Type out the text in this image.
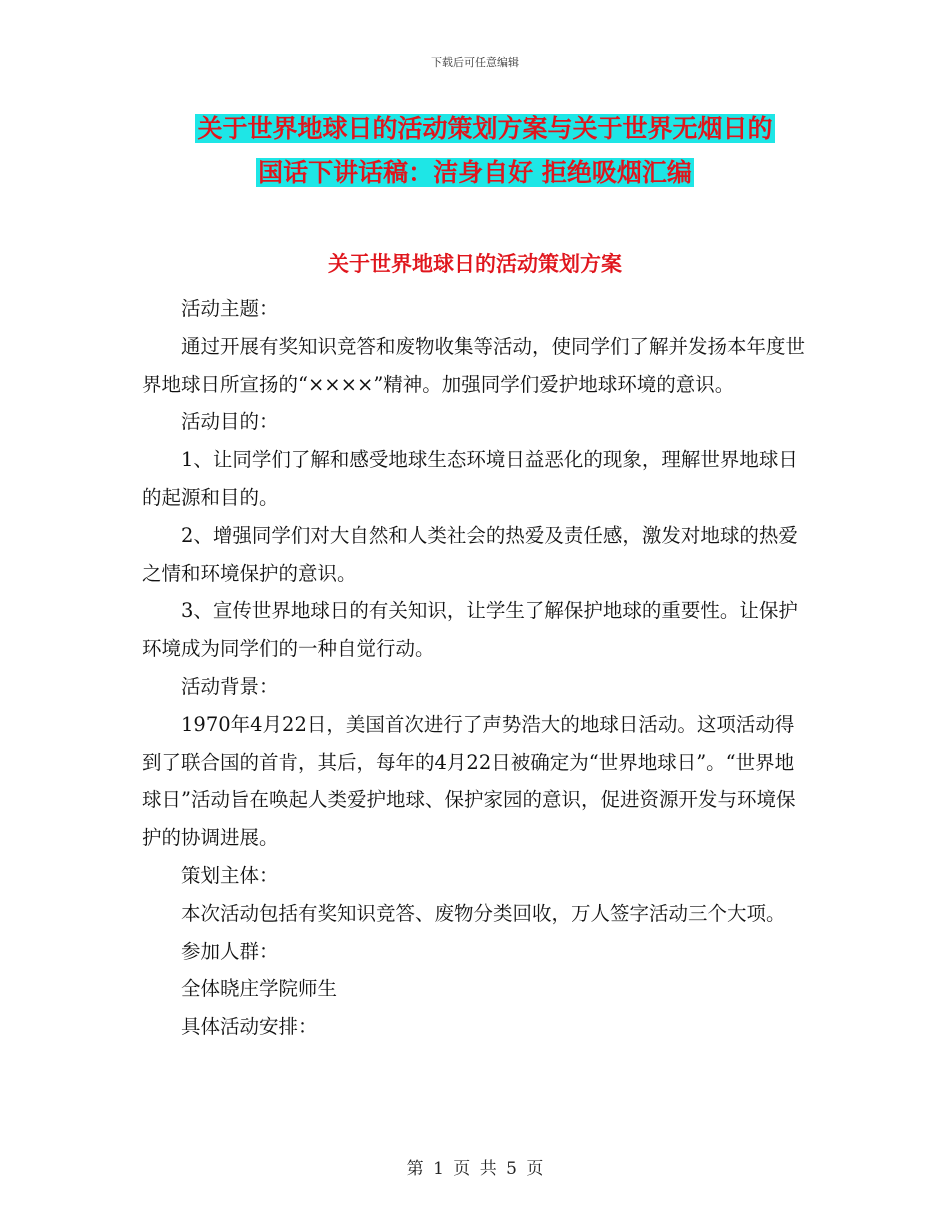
下载后可任意编辑
关于世界地球日的活动策划方案与关于世界无烟日的
国话下讲话稿：洁身自好 拒绝吸烟汇编
关于世界地球日的活动策划方案

活动主题：

通过开展有奖知识竞答和废物收集等活动，使同学们了解并发扬本年度世界地球日所宣扬的“××××”精神。加强同学们爱护地球环境的意识。

活动目的：

1、让同学们了解和感受地球生态环境日益恶化的现象，理解世界地球日的起源和目的。

2、增强同学们对大自然和人类社会的热爱及责任感，激发对地球的热爱之情和环境保护的意识。

3、宣传世界地球日的有关知识，让学生了解保护地球的重要性。让保护环境成为同学们的一种自觉行动。

活动背景：

1970年4月22日，美国首次进行了声势浩大的地球日活动。这项活动得到了联合国的首肯，其后，每年的4月22日被确定为“世界地球日”。“世界地球日”活动旨在唤起人类爱护地球、保护家园的意识，促进资源开发与环境保护的协调进展。

策划主体：

本次活动包括有奖知识竞答、废物分类回收，万人签字活动三个大项。

参加人群：

全体晓庄学院师生

具体活动安排：

第 1 页 共 5 页
